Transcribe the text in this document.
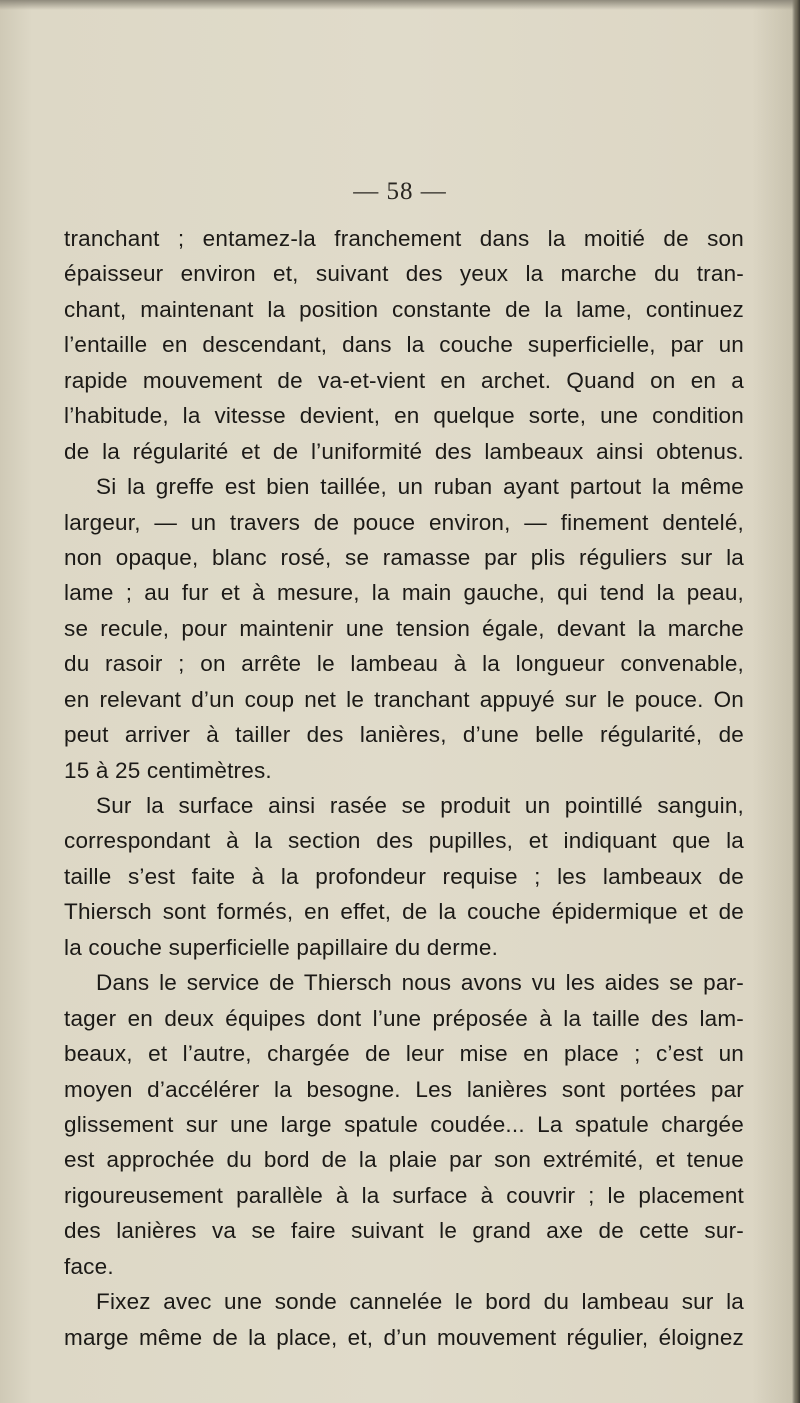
— 58 —
tranchant ; entamez-la franchement dans la moitié de son
épaisseur environ et, suivant des yeux la marche du tran-
chant, maintenant la position constante de la lame, continuez
l’entaille en descendant, dans la couche superficielle, par un
rapide mouvement de va-et-vient en archet. Quand on en a
l’habitude, la vitesse devient, en quelque sorte, une condition
de la régularité et de l’uniformité des lambeaux ainsi obtenus.
Si la greffe est bien taillée, un ruban ayant partout la même
largeur, — un travers de pouce environ, — finement dentelé,
non opaque, blanc rosé, se ramasse par plis réguliers sur la
lame ; au fur et à mesure, la main gauche, qui tend la peau,
se recule, pour maintenir une tension égale, devant la marche
du rasoir ; on arrête le lambeau à la longueur convenable,
en relevant d’un coup net le tranchant appuyé sur le pouce. On
peut arriver à tailler des lanières, d’une belle régularité, de
15 à 25 centimètres.
Sur la surface ainsi rasée se produit un pointillé sanguin,
correspondant à la section des pupilles, et indiquant que la
taille s’est faite à la profondeur requise ; les lambeaux de
Thiersch sont formés, en effet, de la couche épidermique et de
la couche superficielle papillaire du derme.
Dans le service de Thiersch nous avons vu les aides se par-
tager en deux équipes dont l’une préposée à la taille des lam-
beaux, et l’autre, chargée de leur mise en place ; c’est un
moyen d’accélérer la besogne. Les lanières sont portées par
glissement sur une large spatule coudée... La spatule chargée
est approchée du bord de la plaie par son extrémité, et tenue
rigoureusement parallèle à la surface à couvrir ; le placement
des lanières va se faire suivant le grand axe de cette sur-
face.
Fixez avec une sonde cannelée le bord du lambeau sur la
marge même de la place, et, d’un mouvement régulier, éloignez
